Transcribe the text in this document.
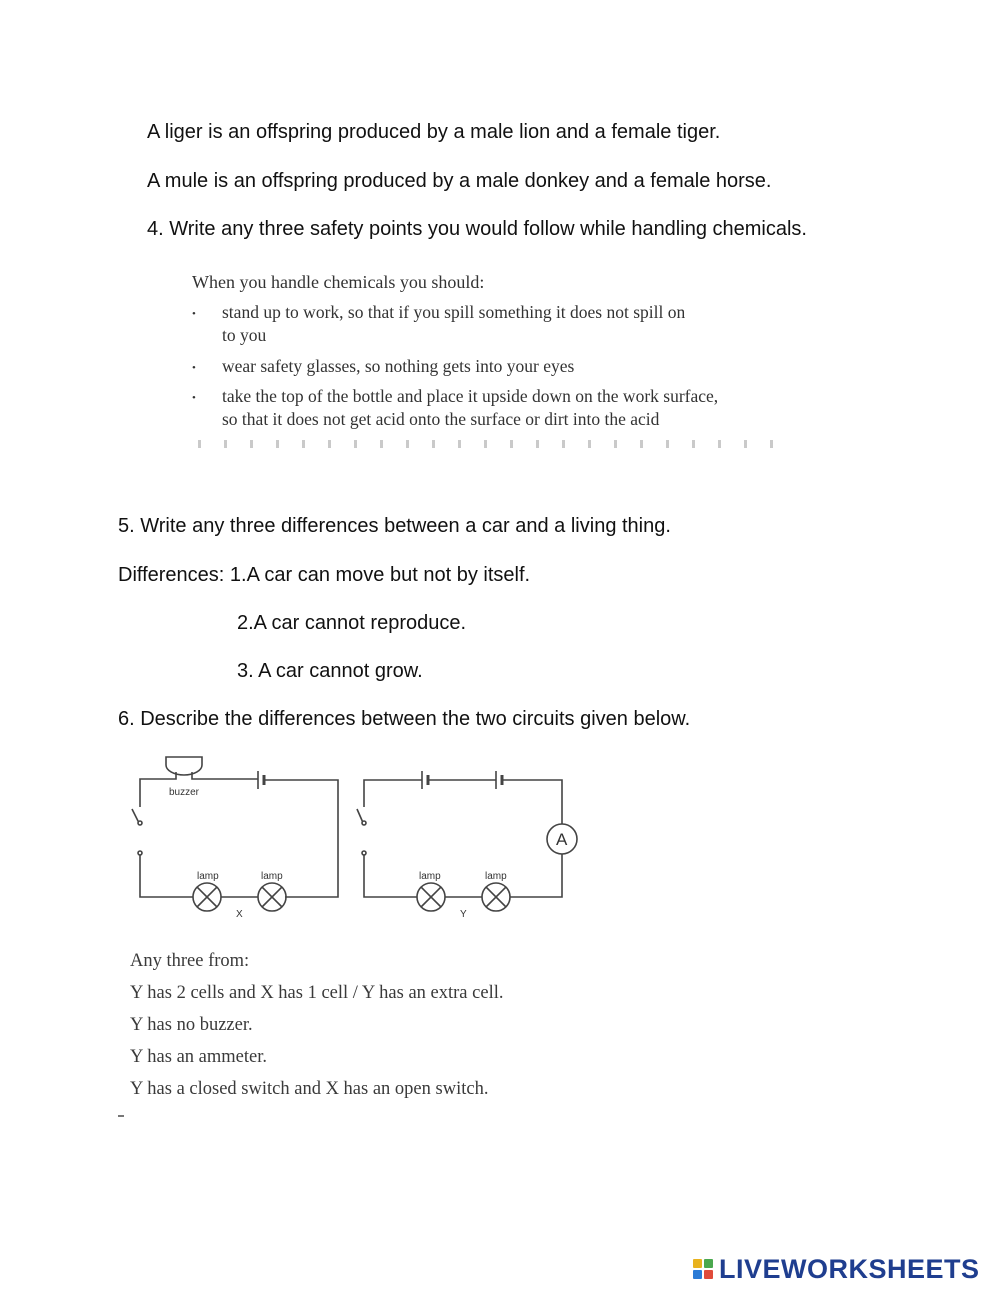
A liger is an offspring produced by a male lion and a female tiger.

A mule is an offspring produced by a male donkey and a female horse.

4. Write any three safety points you would follow while handling chemicals.

When you handle chemicals you should:
• stand up to work, so that if you spill something it does not spill on
to you
• wear safety glasses, so nothing gets into your eyes
• take the top of the bottle and place it upside down on the work surface,
so that it does not get acid onto the surface or dirt into the acid

5. Write any three differences between a car and a living thing.

Differences: 1.A car can move but not by itself.

2.A car cannot reproduce.

3. A car cannot grow.

6. Describe the differences between the two circuits given below.

buzzer
lamp	lamp
X
lamp	lamp
Y
A
Any three from:
Y has 2 cells and X has 1 cell / Y has an extra cell.
Y has no buzzer.
Y has an ammeter.
Y has a closed switch and X has an open switch.
LIVEWORKSHEETS
